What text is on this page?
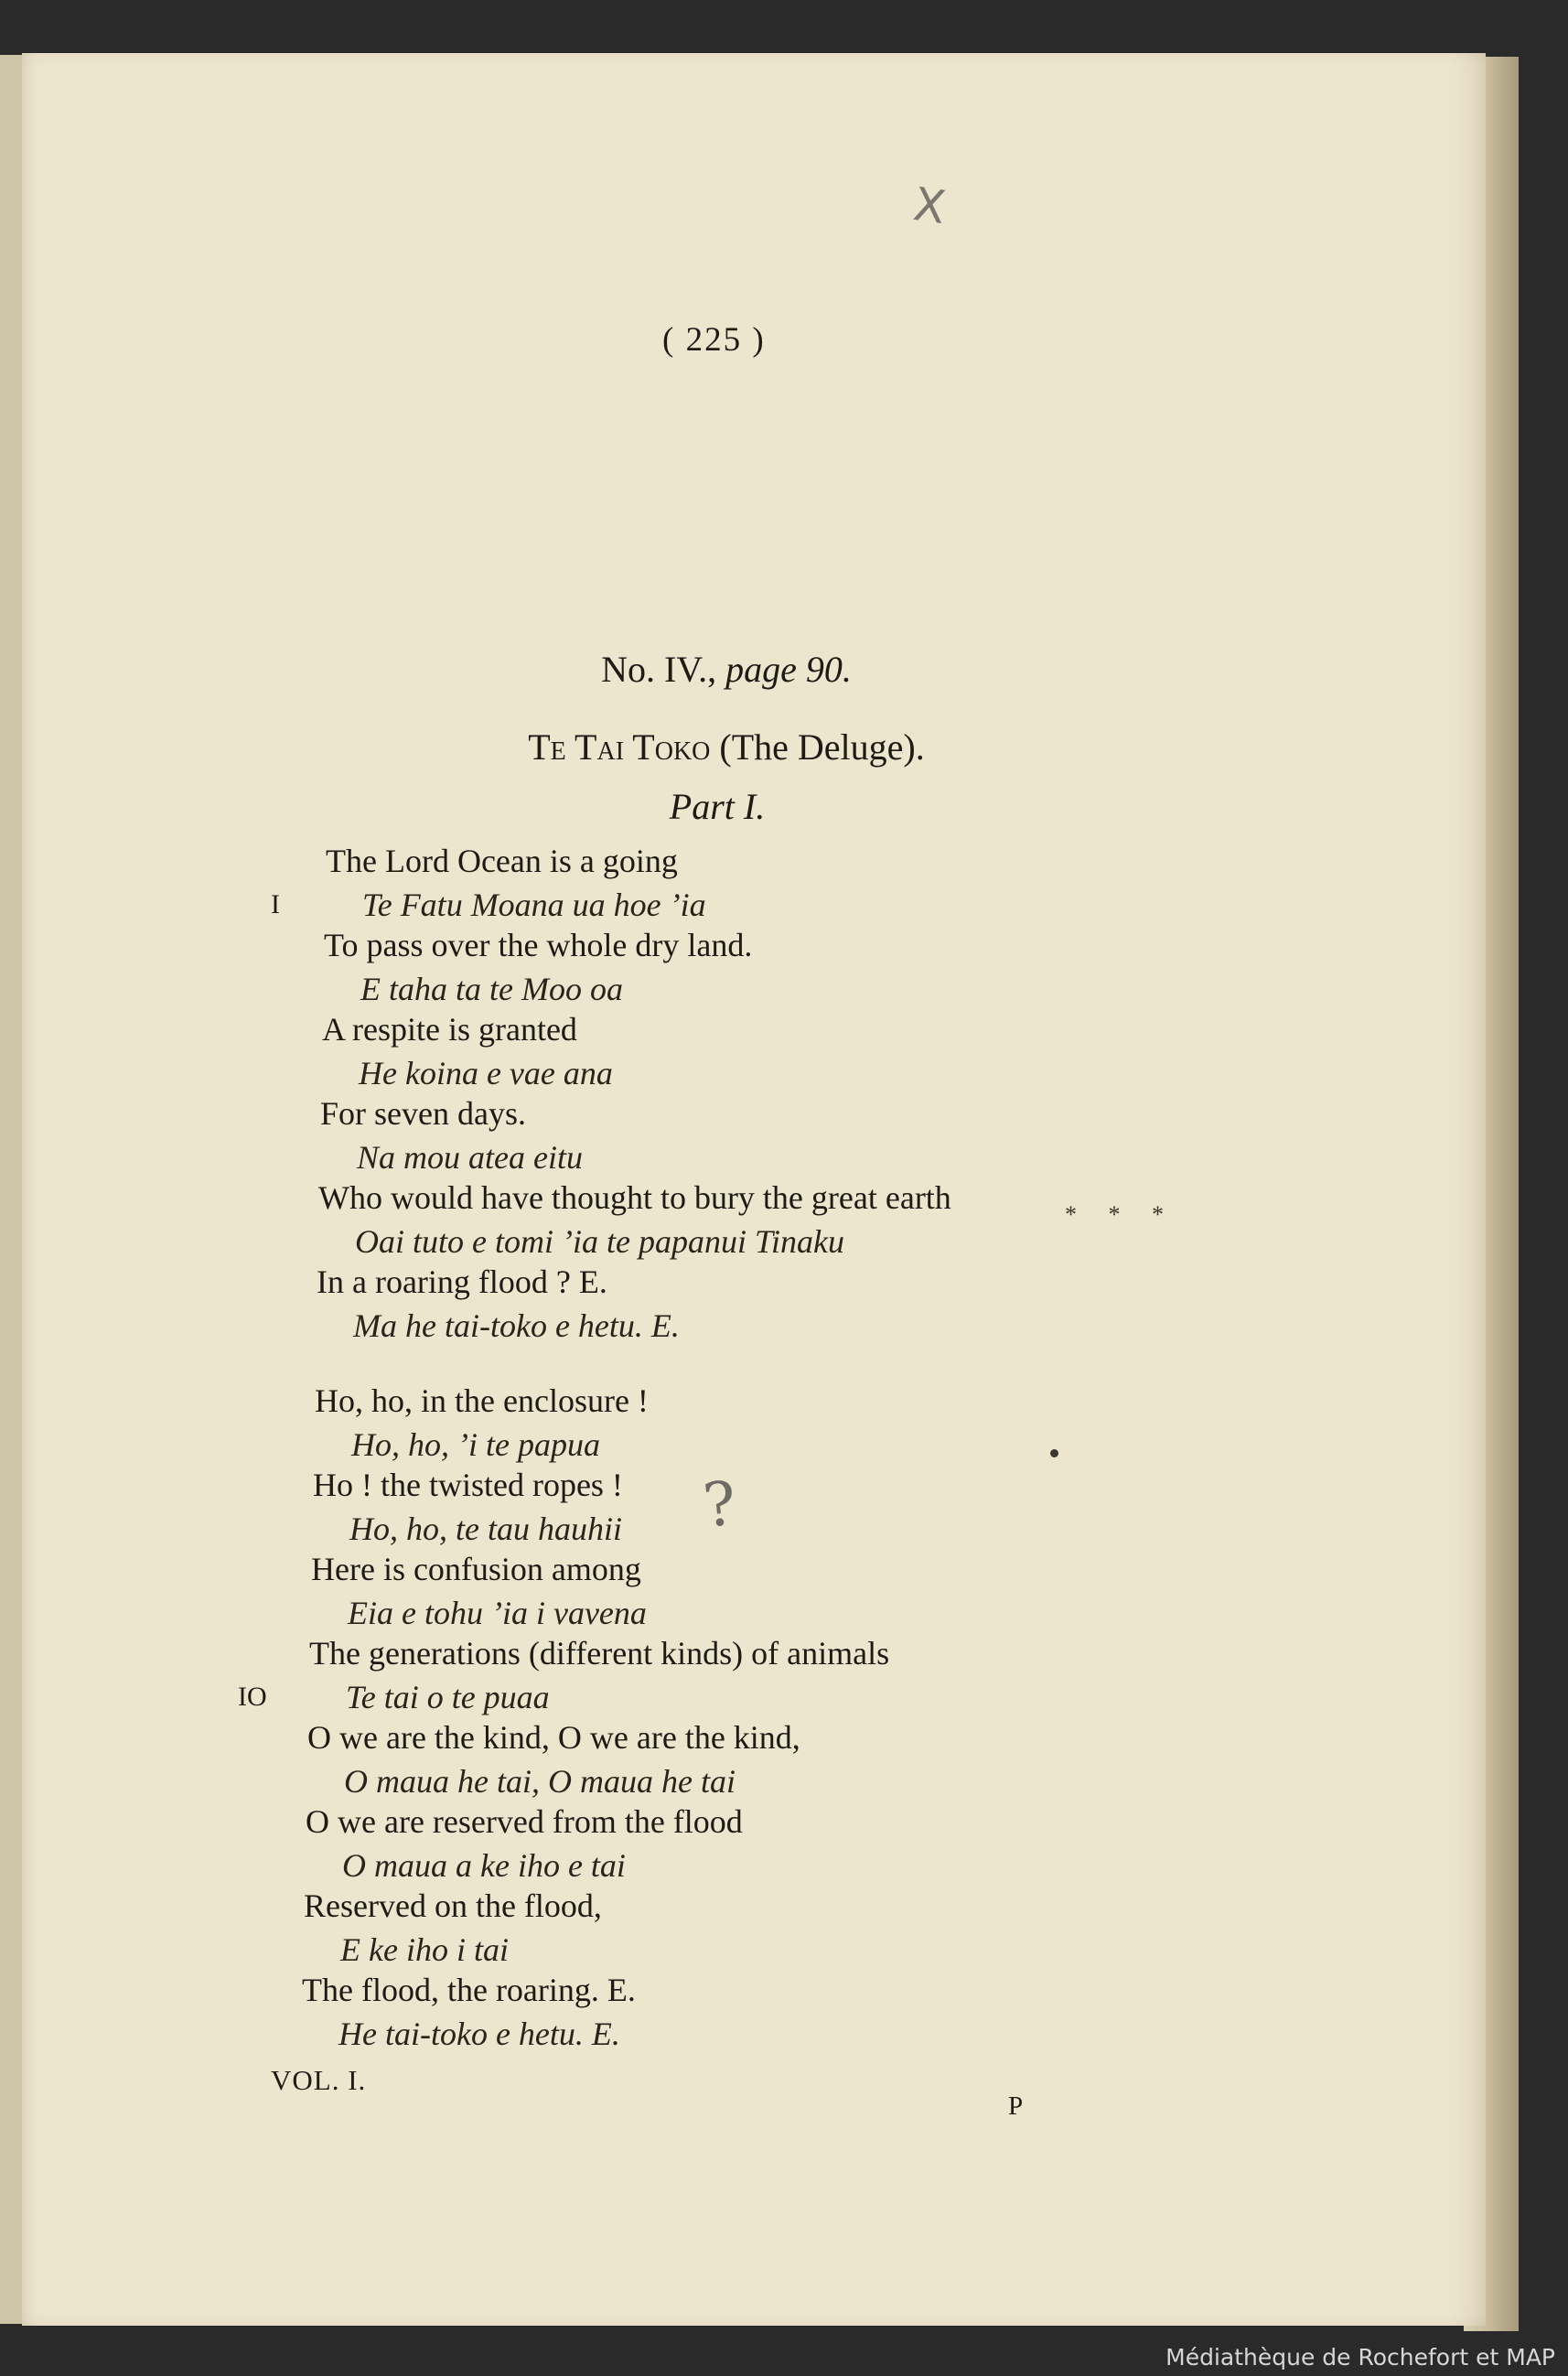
X
( 225 )
No. IV., page 90.
Te Tai Toko (The Deluge).
Part I.
The Lord Ocean is a going
I	Te Fatu Moana ua hoe ’ia
To pass over the whole dry land.
E taha ta te Moo oa
A respite is granted
He koina e vae ana
For seven days.
Na mou atea eitu
Who would have thought to bury the great earth	* * *
Oai tuto e tomi ’ia te papanui Tinaku
In a roaring flood ? E.
Ma he tai-toko e hetu. E.
Ho, ho, in the enclosure !
Ho, ho, ’i te papua
Ho ! the twisted ropes ! ?
Ho, ho, te tau hauhii
Here is confusion among
Eia e tohu ’ia i vavena
The generations (different kinds) of animals
IO Te tai o te puaa
O we are the kind, O we are the kind,
O maua he tai, O maua he tai
O we are reserved from the flood
O maua a ke iho e tai
Reserved on the flood,
E ke iho i tai
The flood, the roaring. E.
He tai-toko e hetu. E.
VOL. I.
P
Médiathèque de Rochefort et MAP
